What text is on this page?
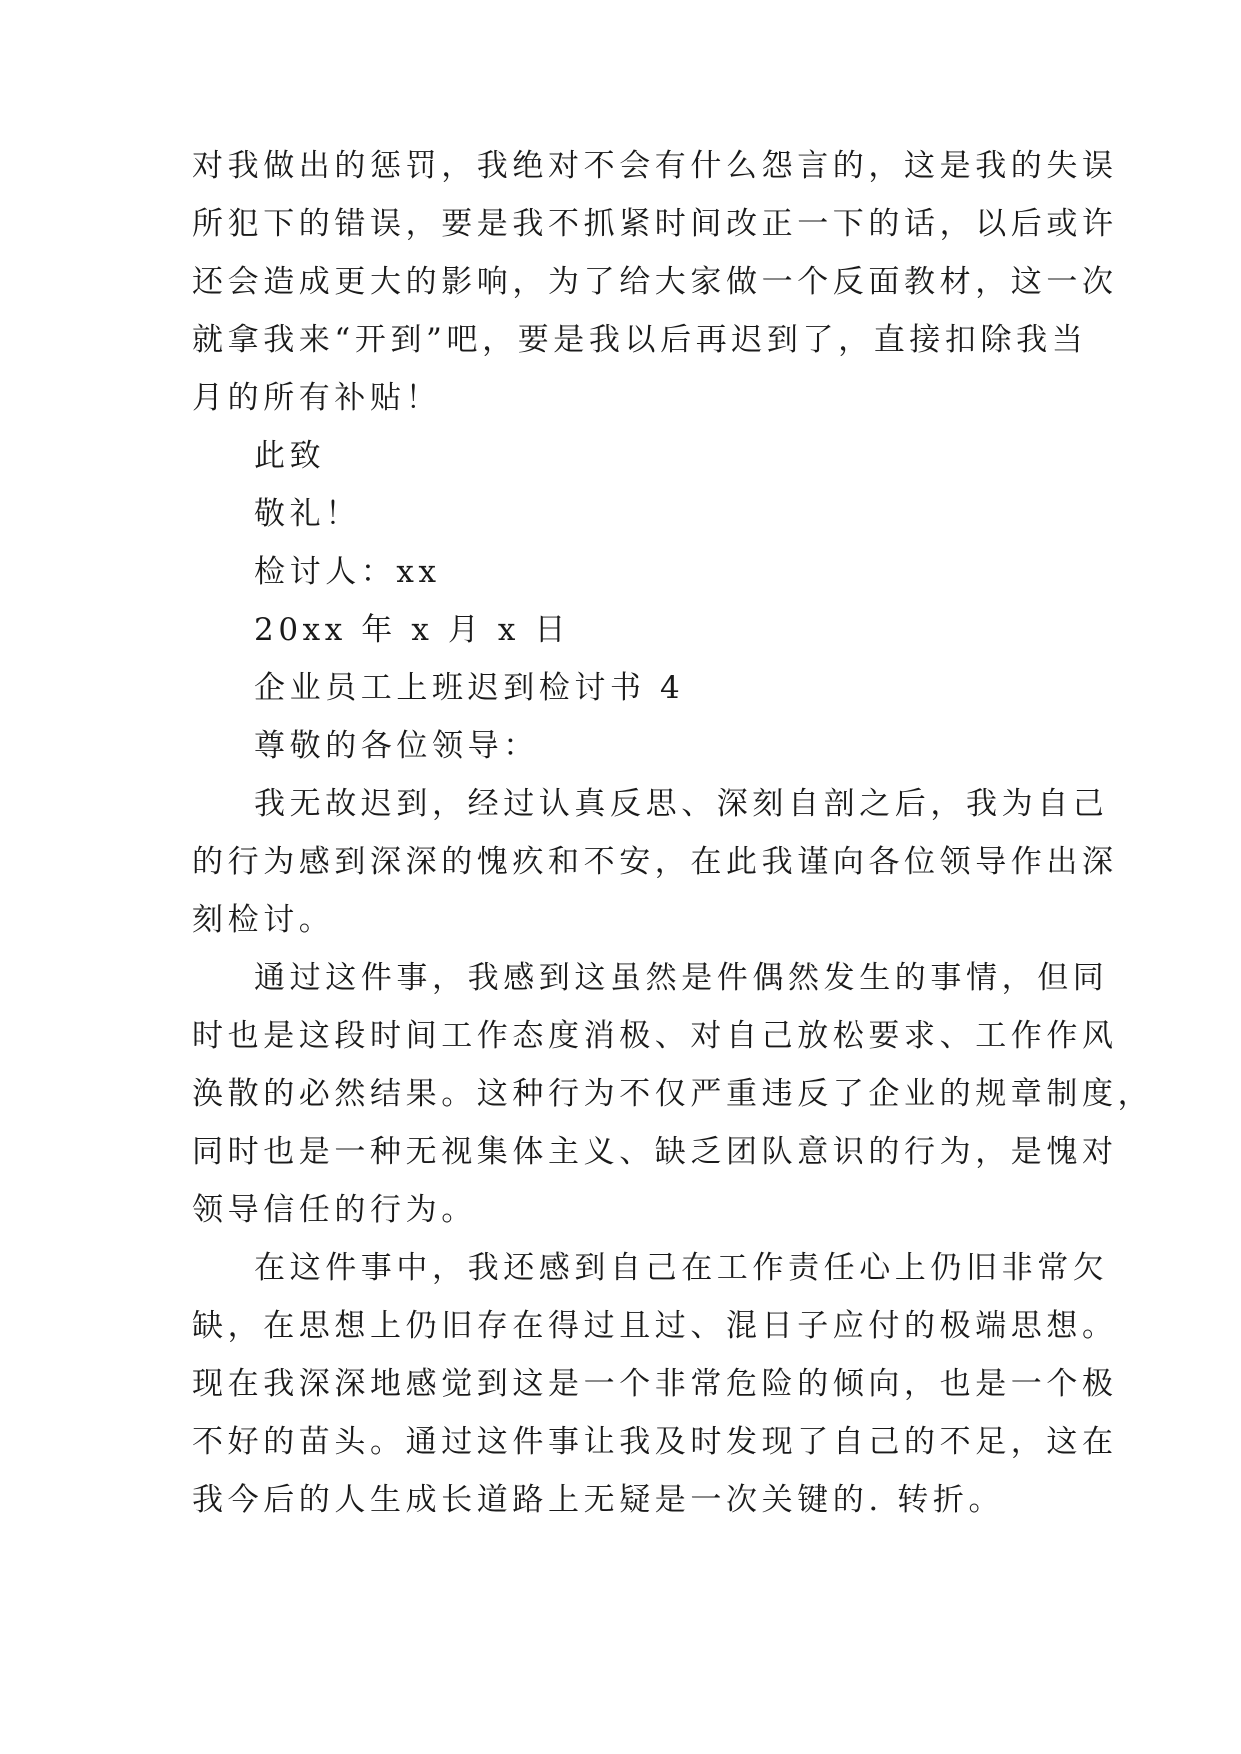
对我做出的惩罚，我绝对不会有什么怨言的，这是我的失误
所犯下的错误，要是我不抓紧时间改正一下的话，以后或许
还会造成更大的影响，为了给大家做一个反面教材，这一次
就拿我来“开到”吧，要是我以后再迟到了，直接扣除我当
月的所有补贴！
此致
敬礼！
检讨人：xx
20xx 年 x 月 x 日
企业员工上班迟到检讨书 4
尊敬的各位领导：
我无故迟到，经过认真反思、深刻自剖之后，我为自己
的行为感到深深的愧疚和不安，在此我谨向各位领导作出深
刻检讨。
通过这件事，我感到这虽然是件偶然发生的事情，但同
时也是这段时间工作态度消极、对自己放松要求、工作作风
涣散的必然结果。这种行为不仅严重违反了企业的规章制度，
同时也是一种无视集体主义、缺乏团队意识的行为，是愧对
领导信任的行为。
在这件事中，我还感到自己在工作责任心上仍旧非常欠
缺，在思想上仍旧存在得过且过、混日子应付的极端思想。
现在我深深地感觉到这是一个非常危险的倾向，也是一个极
不好的苗头。通过这件事让我及时发现了自己的不足，这在
我今后的人生成长道路上无疑是一次关键的. 转折。
